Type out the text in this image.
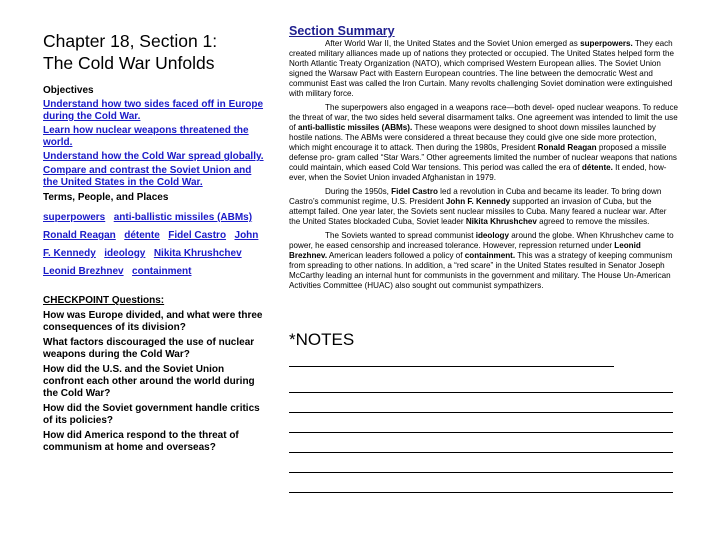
Chapter 18, Section 1:
The Cold War Unfolds
Objectives
Understand how two sides faced off in Europe during the Cold War.
Learn how nuclear weapons threatened the world.
Understand how the Cold War spread globally.
Compare and contrast the Soviet Union and the United States in the Cold War.
Terms, People, and Places
superpowers anti-ballistic missiles (ABMs) Ronald Reagan détente Fidel Castro John F. Kennedy ideology Nikita Khrushchev Leonid Brezhnev containment
CHECKPOINT Questions:
How was Europe divided, and what were three consequences of its division?
What factors discouraged the use of nuclear weapons during the Cold War?
How did the U.S. and the Soviet Union confront each other around the world during the Cold War?
How did the Soviet government handle critics of its policies?
How did America respond to the threat of communism at home and overseas?
Section Summary

After World War II, the United States and the Soviet Union emerged as superpowers. They each created military alliances made up of nations they protected or occupied. The United States helped form the North Atlantic Treaty Organization (NATO), which comprised Western European allies. The Soviet Union signed the Warsaw Pact with Eastern European countries. The line between the democratic West and communist East was called the Iron Curtain. Many revolts challenging Soviet domination were extinguished with military force.

The superpowers also engaged in a weapons race—both devel- oped nuclear weapons. To reduce the threat of war, the two sides held several disarmament talks. One agreement was intended to limit the use of anti-ballistic missiles (ABMs). These weapons were designed to shoot down missiles launched by hostile nations. The ABMs were considered a threat because they could give one side more protection, which might encourage it to attack. Then during the 1980s, President Ronald Reagan proposed a missile defense pro- gram called “Star Wars.” Other agreements limited the number of nuclear weapons that nations could maintain, which eased Cold War tensions. This period was called the era of détente. It ended, how- ever, when the Soviet Union invaded Afghanistan in 1979.

During the 1950s, Fidel Castro led a revolution in Cuba and became its leader. To bring down Castro’s communist regime, U.S. President John F. Kennedy supported an invasion of Cuba, but the attempt failed. One year later, the Soviets sent nuclear missiles to Cuba. Many feared a nuclear war. After the United States blockaded Cuba, Soviet leader Nikita Khrushchev agreed to remove the missiles.

The Soviets wanted to spread communist ideology around the globe. When Khrushchev came to power, he eased censorship and increased tolerance. However, repression returned under Leonid Brezhnev. American leaders followed a policy of containment. This was a strategy of keeping communism from spreading to other nations. In addition, a “red scare” in the United States resulted in Senator Joseph McCarthy leading an internal hunt for communists in the government and military. The House Un-American Activities Committee (HUAC) also sought out communist sympathizers.

*NOTES
